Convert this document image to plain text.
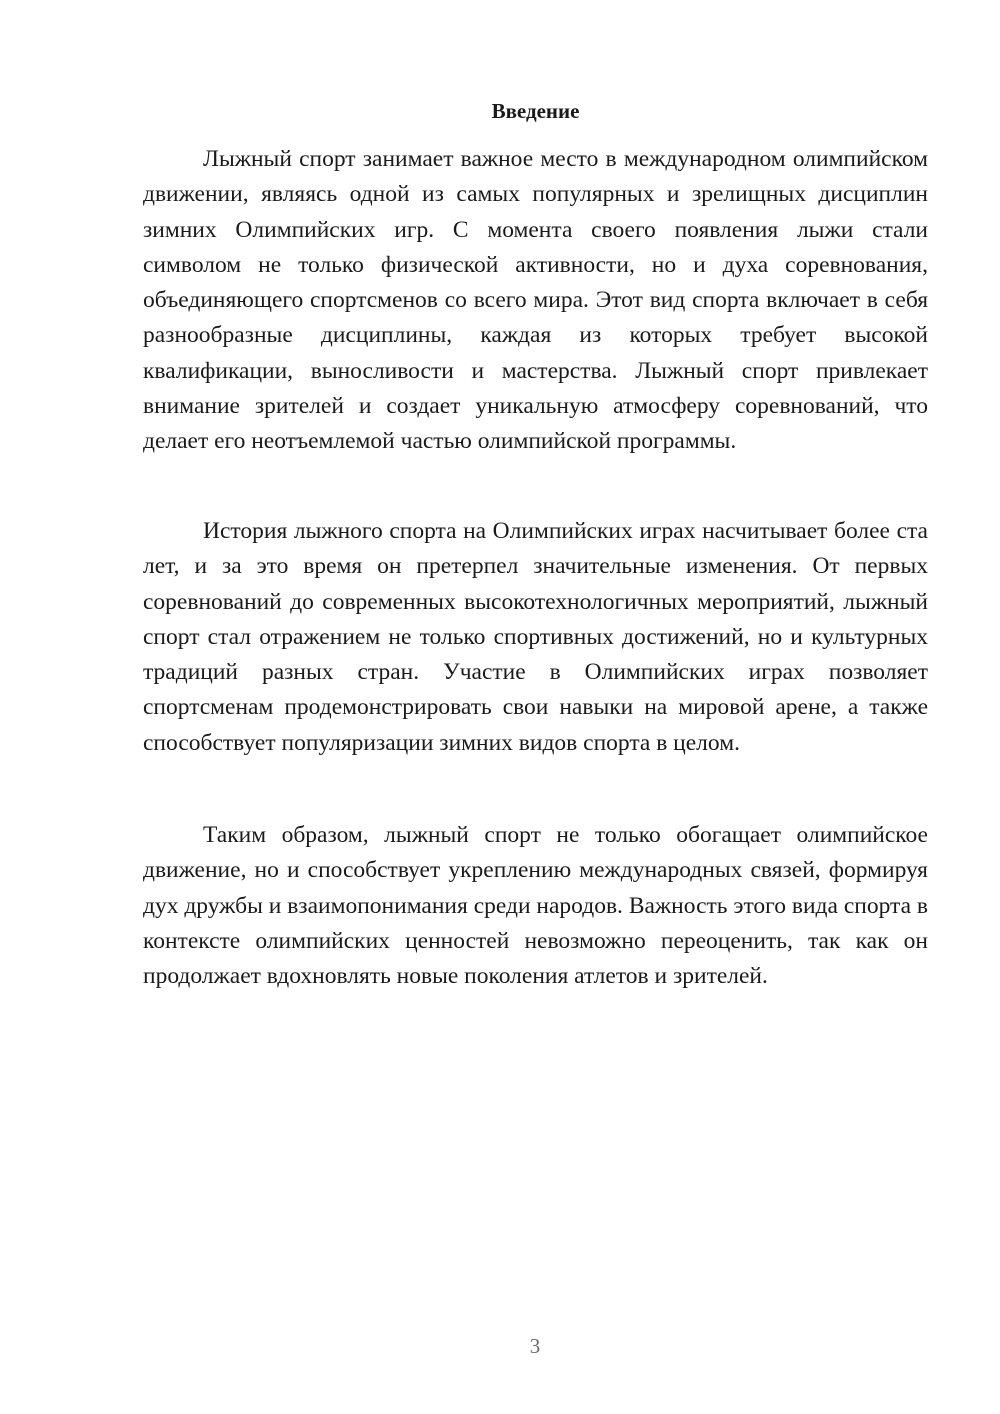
Введение

Лыжный спорт занимает важное место в международном олимпийском движении, являясь одной из самых популярных и зрелищных дисциплин зимних Олимпийских игр. С момента своего появления лыжи стали символом не только физической активности, но и духа соревнования, объединяющего спортсменов со всего мира. Этот вид спорта включает в себя разнообразные дисциплины, каждая из которых требует высокой квалификации, выносливости и мастерства. Лыжный спорт привлекает внимание зрителей и создает уникальную атмосферу соревнований, что делает его неотъемлемой частью олимпийской программы.

История лыжного спорта на Олимпийских играх насчитывает более ста лет, и за это время он претерпел значительные изменения. От первых соревнований до современных высокотехнологичных мероприятий, лыжный спорт стал отражением не только спортивных достижений, но и культурных традиций разных стран. Участие в Олимпийских играх позволяет спортсменам продемонстрировать свои навыки на мировой арене, а также способствует популяризации зимних видов спорта в целом.

Таким образом, лыжный спорт не только обогащает олимпийское движение, но и способствует укреплению международных связей, формируя дух дружбы и взаимопонимания среди народов. Важность этого вида спорта в контексте олимпийских ценностей невозможно переоценить, так как он продолжает вдохновлять новые поколения атлетов и зрителей.

3
